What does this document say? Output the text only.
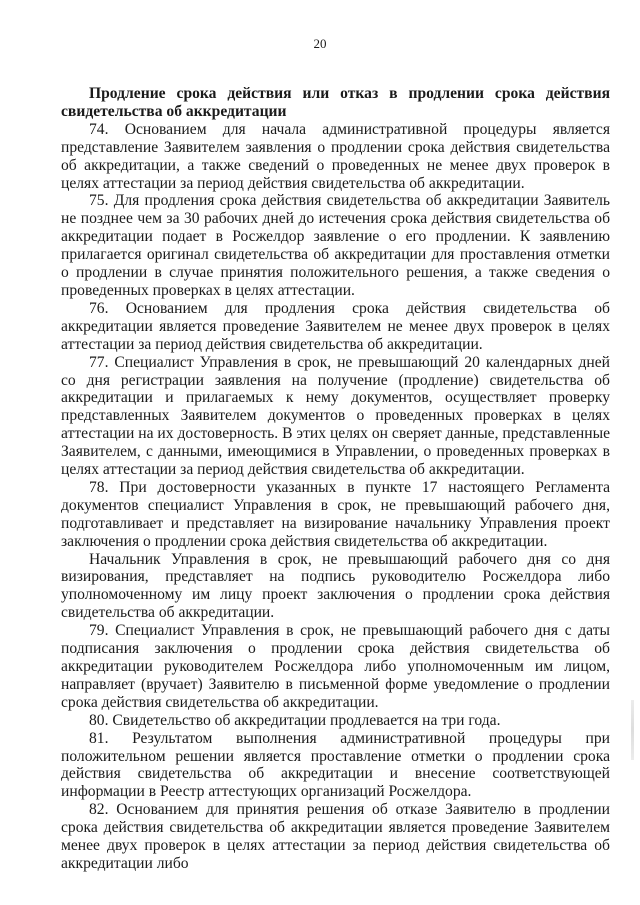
20

Продление срока действия или отказ в продлении срока действия свидетельства об аккредитации

74. Основанием для начала административной процедуры является представление Заявителем заявления о продлении срока действия свидетельства об аккредитации, а также сведений о проведенных не менее двух проверок в целях аттестации за период действия свидетельства об аккредитации.

75. Для продления срока действия свидетельства об аккредитации Заявитель не позднее чем за 30 рабочих дней до истечения срока действия свидетельства об аккредитации подает в Росжелдор заявление о его продлении. К заявлению прилагается оригинал свидетельства об аккредитации для проставления отметки о продлении в случае принятия положительного решения, а также сведения о проведенных проверках в целях аттестации.

76. Основанием для продления срока действия свидетельства об аккредитации является проведение Заявителем не менее двух проверок в целях аттестации за период действия свидетельства об аккредитации.

77. Специалист Управления в срок, не превышающий 20 календарных дней со дня регистрации заявления на получение (продление) свидетельства об аккредитации и прилагаемых к нему документов, осуществляет проверку представленных Заявителем документов о проведенных проверках в целях аттестации на их достоверность. В этих целях он сверяет данные, представленные Заявителем, с данными, имеющимися в Управлении, о проведенных проверках в целях аттестации за период действия свидетельства об аккредитации.

78. При достоверности указанных в пункте 17 настоящего Регламента документов специалист Управления в срок, не превышающий рабочего дня, подготавливает и представляет на визирование начальнику Управления проект заключения о продлении срока действия свидетельства об аккредитации.

Начальник Управления в срок, не превышающий рабочего дня со дня визирования, представляет на подпись руководителю Росжелдора либо уполномоченному им лицу проект заключения о продлении срока действия свидетельства об аккредитации.

79. Специалист Управления в срок, не превышающий рабочего дня с даты подписания заключения о продлении срока действия свидетельства об аккредитации руководителем Росжелдора либо уполномоченным им лицом, направляет (вручает) Заявителю в письменной форме уведомление о продлении срока действия свидетельства об аккредитации.

80. Свидетельство об аккредитации продлевается на три года.

81. Результатом выполнения административной процедуры при положительном решении является проставление отметки о продлении срока действия свидетельства об аккредитации и внесение соответствующей информации в Реестр аттестующих организаций Росжелдора.

82. Основанием для принятия решения об отказе Заявителю в продлении срока действия свидетельства об аккредитации является проведение Заявителем менее двух проверок в целях аттестации за период действия свидетельства об аккредитации либо
